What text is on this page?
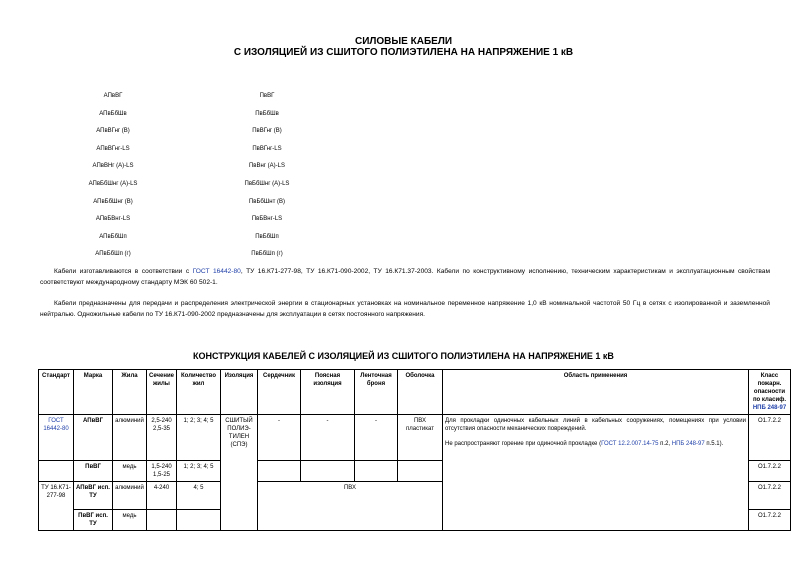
СИЛОВЫЕ КАБЕЛИ
С ИЗОЛЯЦИЕЙ ИЗ СШИТОГО ПОЛИЭТИЛЕНА НА НАПРЯЖЕНИЕ 1 кВ
АПвВГ
АПвБбШв
АПвВГнг (В)
АПвВГнг-LS
АПвВНг (А)-LS
АПвБбШнг (А)-LS
АПвБбШнг (В)
АПвБВнг-LS
АПвБбШп
АПвБбШп (г)
ПвВГ
ПвБбШв
ПвВГнг (В)
ПвВГнг-LS
ПвВнг (А)-LS
ПвБбШнг (А)-LS
ПвБбШнт (В)
ПвБВнг-LS
ПвБбШп
ПвБбШп (г)
Кабели изготавливаются в соответствии с ГОСТ 16442-80, ТУ 16.К71-277-98, ТУ 16.К71-090-2002, ТУ 16.К71.37-2003. Кабели по конструктивному исполнению, техническим характеристикам и эксплуатационным свойствам соответствуют международному стандарту МЭК 60 502-1.
Кабели предназначены для передачи и распределения электрической энергии в стационарных установках на номинальное переменное напряжение 1,0 кВ номинальной частотой 50 Гц в сетях с изолированной и заземленной нейтралью. Одножильные кабели по ТУ 16.К71-090-2002 предназначены для эксплуатации в сетях постоянного напряжения.
КОНСТРУКЦИЯ КАБЕЛЕЙ С ИЗОЛЯЦИЕЙ ИЗ СШИТОГО ПОЛИЭТИЛЕНА НА НАПРЯЖЕНИЕ 1 кВ
Стандарт	Марка	Жила	Сечение жилы	Количество жил	Изоляция	Сердечник	Поясная изоляция	Ленточная броня	Оболочка	Область применения	Класс пожарн. опасности по класиф. НПБ 248-97
ГОСТ 16442-80	АПвВГ	алюминий	2,5-240 2,5-35	1; 2; 3; 4; 5	СШИТЫЙ ПОЛИЭ-ТИЛЕН (СПЭ)	-	-	-	ПВХ пластикат	Для прокладки одиночных кабельных линий в кабельных сооружениях, помещениях при условии отсутствия опасности механических повреждений.
Не распространяют горение при одиночной прокладке (ГОСТ 12.2.007.14-75 п.2, НПБ 248-97 п.5.1).	О1.7.2.2
	ПвВГ	медь	1,5-240 1,5-25	1; 2; 3; 4; 5							О1.7.2.2
ТУ 16.К71-277-98	АПвВГ исп. ТУ	алюминий	4-240	4; 5		ПВХ					О1.7.2.2
	ПвВГ исп. ТУ	медь									О1.7.2.2
